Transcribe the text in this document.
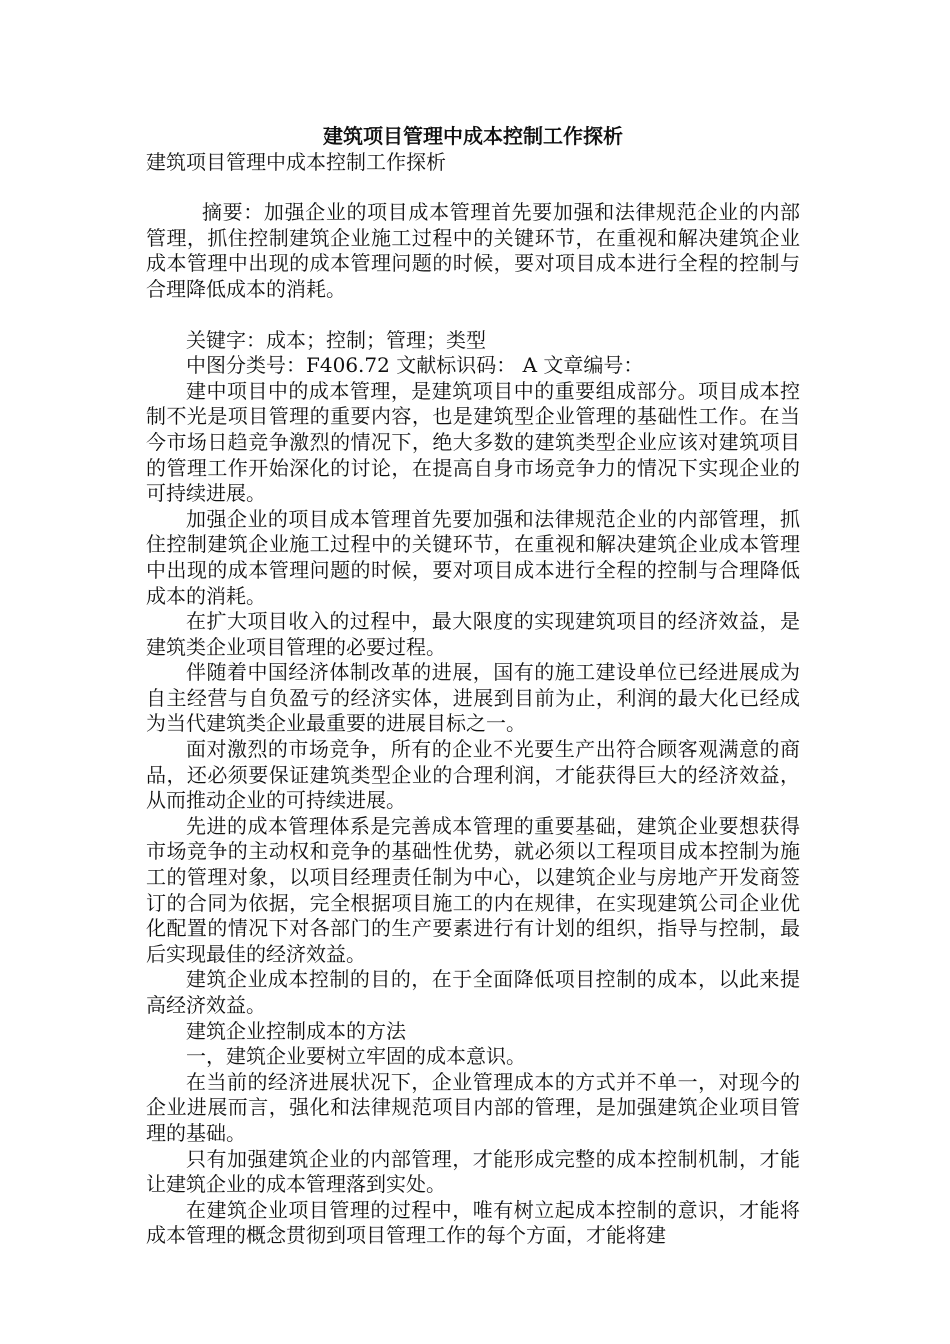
建筑项目管理中成本控制工作探析

建筑项目管理中成本控制工作探析

摘要：加强企业的项目成本管理首先要加强和法律规范企业的内部管理，抓住控制建筑企业施工过程中的关键环节，在重视和解决建筑企业成本管理中出现的成本管理问题的时候，要对项目成本进行全程的控制与合理降低成本的消耗。

关键字：成本；控制；管理；类型

中图分类号：F406.72 文献标识码： A 文章编号：

建中项目中的成本管理，是建筑项目中的重要组成部分。项目成本控制不光是项目管理的重要内容，也是建筑型企业管理的基础性工作。在当今市场日趋竞争激烈的情况下，绝大多数的建筑类型企业应该对建筑项目的管理工作开始深化的讨论，在提高自身市场竞争力的情况下实现企业的可持续进展。

加强企业的项目成本管理首先要加强和法律规范企业的内部管理，抓住控制建筑企业施工过程中的关键环节，在重视和解决建筑企业成本管理中出现的成本管理问题的时候，要对项目成本进行全程的控制与合理降低成本的消耗。

在扩大项目收入的过程中，最大限度的实现建筑项目的经济效益，是建筑类企业项目管理的必要过程。

伴随着中国经济体制改革的进展，国有的施工建设单位已经进展成为自主经营与自负盈亏的经济实体，进展到目前为止，利润的最大化已经成为当代建筑类企业最重要的进展目标之一。

面对激烈的市场竞争，所有的企业不光要生产出符合顾客观满意的商品，还必须要保证建筑类型企业的合理利润，才能获得巨大的经济效益，从而推动企业的可持续进展。

先进的成本管理体系是完善成本管理的重要基础，建筑企业要想获得市场竞争的主动权和竞争的基础性优势，就必须以工程项目成本控制为施工的管理对象，以项目经理责任制为中心，以建筑企业与房地产开发商签订的合同为依据，完全根据项目施工的内在规律，在实现建筑公司企业优化配置的情况下对各部门的生产要素进行有计划的组织，指导与控制，最后实现最佳的经济效益。

建筑企业成本控制的目的，在于全面降低项目控制的成本，以此来提高经济效益。

建筑企业控制成本的方法

一，建筑企业要树立牢固的成本意识。

在当前的经济进展状况下，企业管理成本的方式并不单一，对现今的企业进展而言，强化和法律规范项目内部的管理，是加强建筑企业项目管理的基础。

只有加强建筑企业的内部管理，才能形成完整的成本控制机制，才能让建筑企业的成本管理落到实处。

在建筑企业项目管理的过程中，唯有树立起成本控制的意识，才能将成本管理的概念贯彻到项目管理工作的每个方面，才能将建
